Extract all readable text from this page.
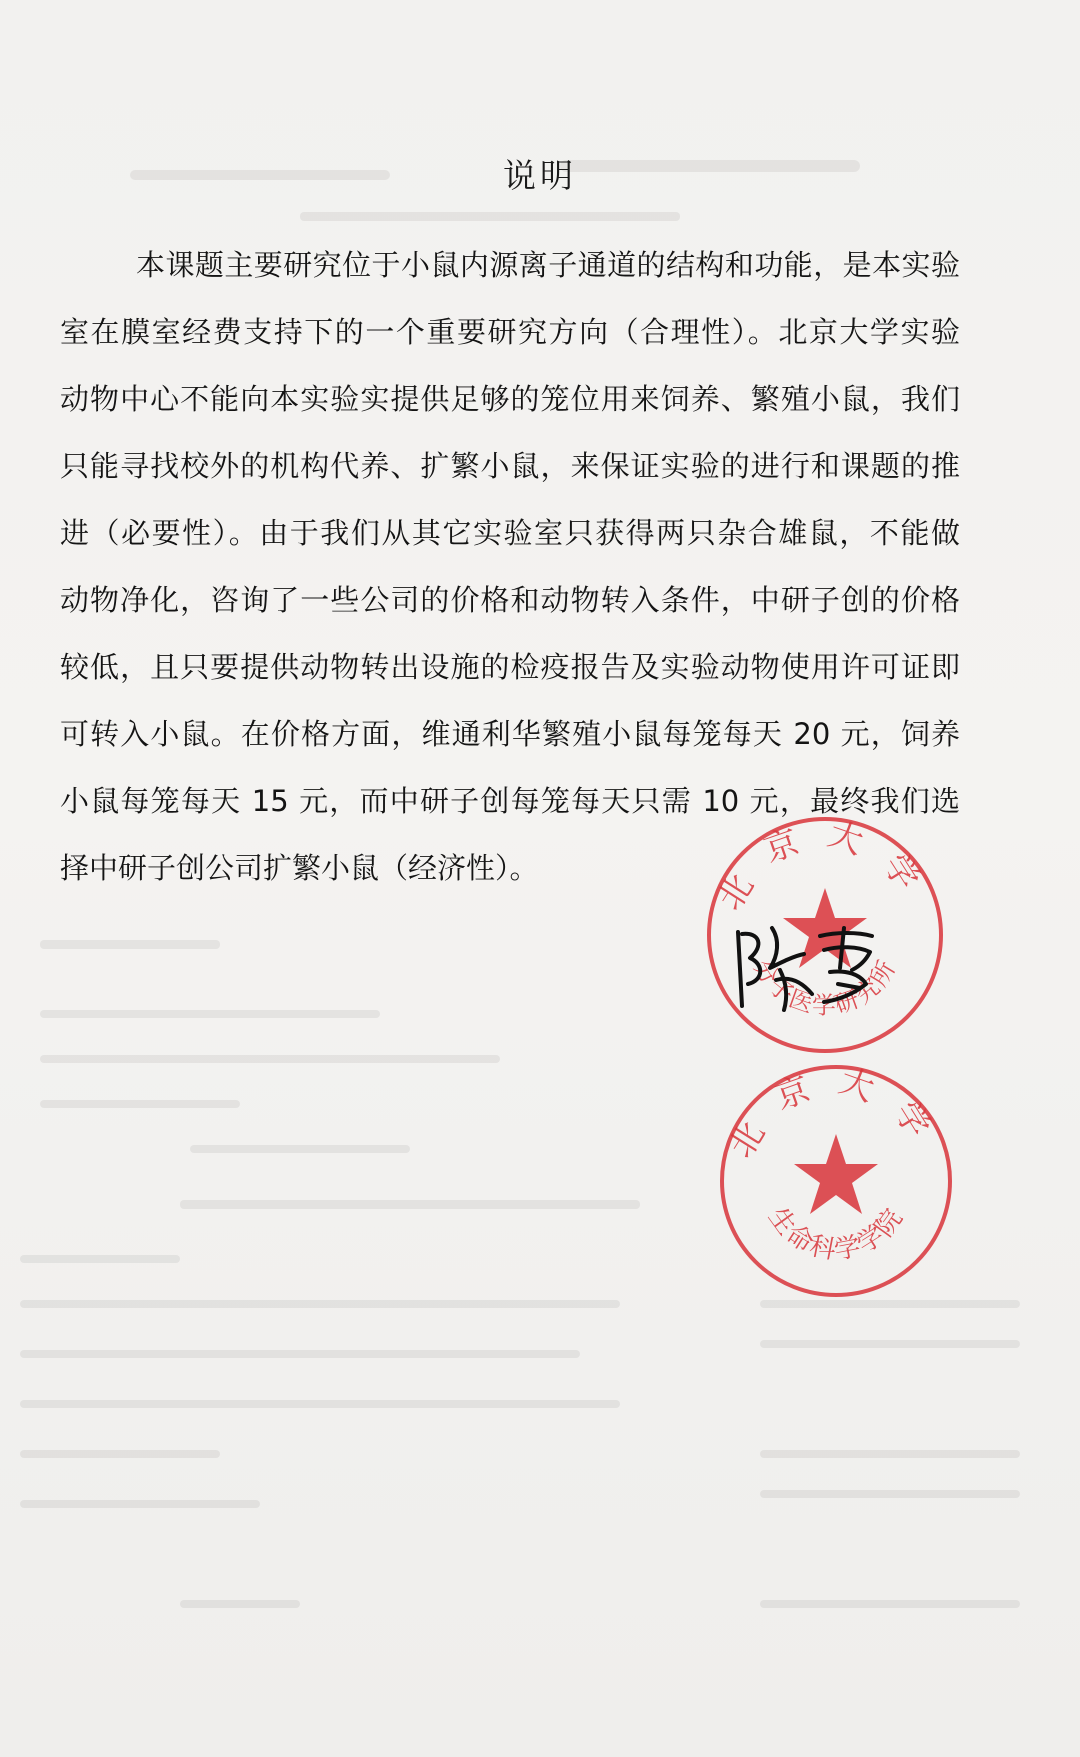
说明
本课题主要研究位于小鼠内源离子通道的结构和功能，是本实验
室在膜室经费支持下的一个重要研究方向（合理性）。北京大学实验
动物中心不能向本实验实提供足够的笼位用来饲养、繁殖小鼠，我们
只能寻找校外的机构代养、扩繁小鼠，来保证实验的进行和课题的推
进（必要性）。由于我们从其它实验室只获得两只杂合雄鼠，不能做
动物净化，咨询了一些公司的价格和动物转入条件，中研子创的价格
较低，且只要提供动物转出设施的检疫报告及实验动物使用许可证即
可转入小鼠。在价格方面，维通利华繁殖小鼠每笼每天 20 元，饲养
小鼠每笼每天 15 元，而中研子创每笼每天只需 10 元，最终我们选
择中研子创公司扩繁小鼠（经济性）。	北京大学
分子医学研究所
北京大学
生命科学学院
